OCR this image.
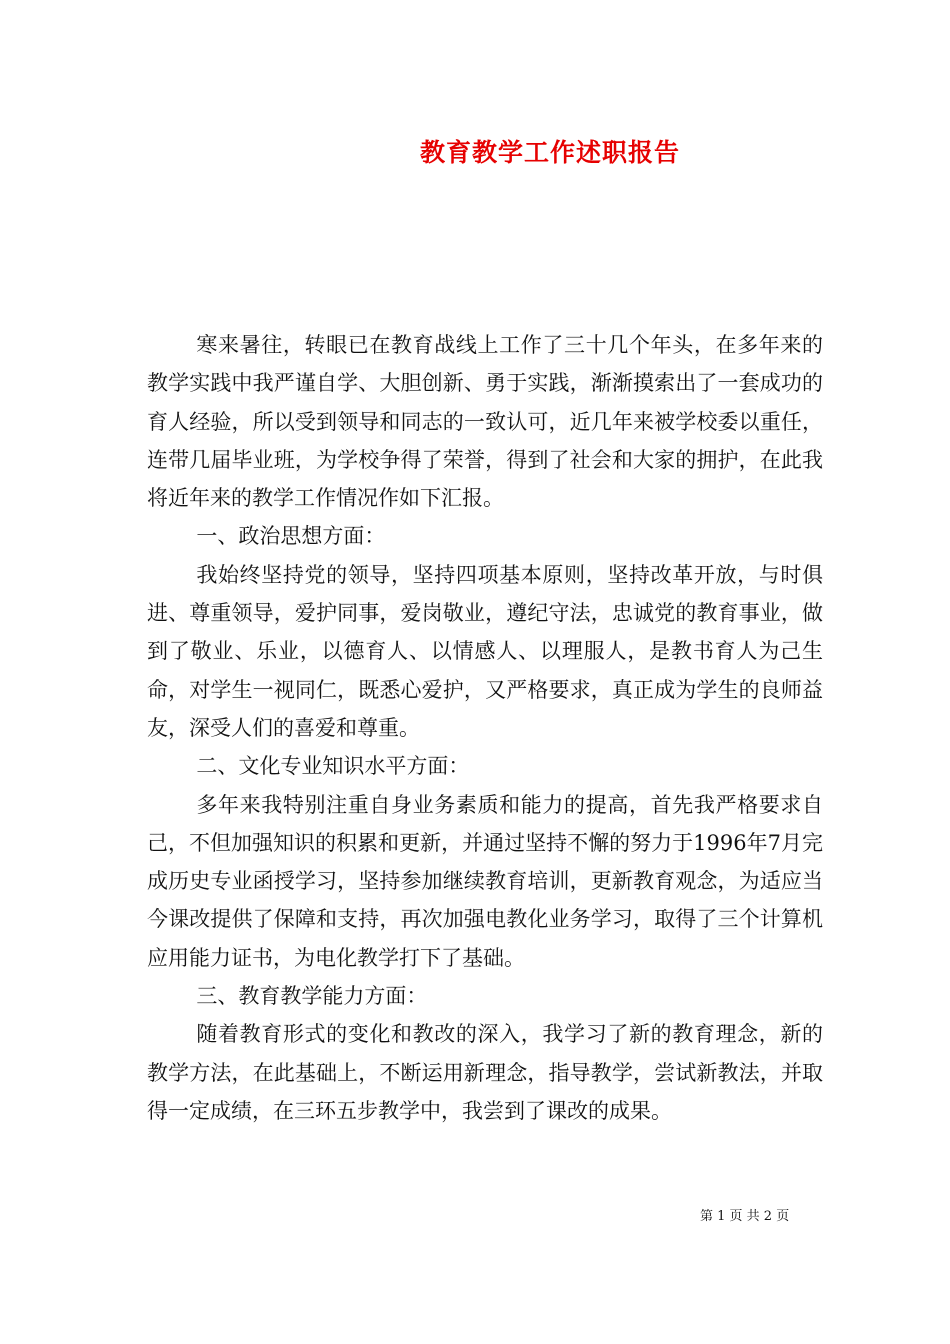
教育教学工作述职报告

寒来暑往，转眼已在教育战线上工作了三十几个年头，在多年来的教学实践中我严谨自学、大胆创新、勇于实践，渐渐摸索出了一套成功的育人经验，所以受到领导和同志的一致认可，近几年来被学校委以重任，连带几届毕业班，为学校争得了荣誉，得到了社会和大家的拥护，在此我将近年来的教学工作情况作如下汇报。

一、政治思想方面：

我始终坚持党的领导，坚持四项基本原则，坚持改革开放，与时俱进、尊重领导，爱护同事，爱岗敬业，遵纪守法，忠诚党的教育事业，做到了敬业、乐业，以德育人、以情感人、以理服人，是教书育人为己生命，对学生一视同仁，既悉心爱护，又严格要求，真正成为学生的良师益友，深受人们的喜爱和尊重。

二、文化专业知识水平方面：

多年来我特别注重自身业务素质和能力的提高，首先我严格要求自己，不但加强知识的积累和更新，并通过坚持不懈的努力于1996年7月完成历史专业函授学习，坚持参加继续教育培训，更新教育观念，为适应当今课改提供了保障和支持，再次加强电教化业务学习，取得了三个计算机应用能力证书，为电化教学打下了基础。

三、教育教学能力方面：

随着教育形式的变化和教改的深入，我学习了新的教育理念，新的教学方法，在此基础上，不断运用新理念，指导教学，尝试新教法，并取得一定成绩，在三环五步教学中，我尝到了课改的成果。

第 1 页 共 2 页
